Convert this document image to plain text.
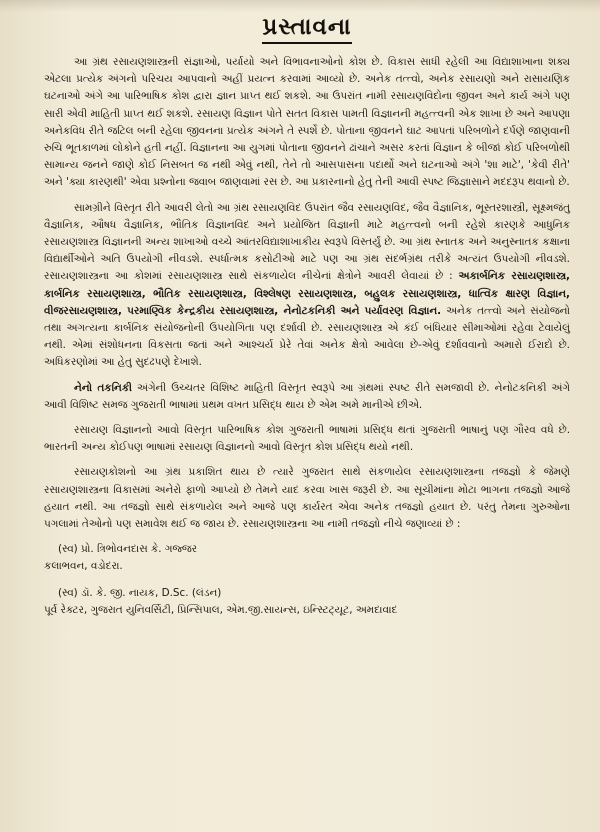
પ્રસ્તાવના

આ ગ્રંથ રસાયણશાસ્ત્રની સંજ્ઞાઓ, પર્યાયો અને વિભાવનાઓનો કોશ છે. વિકાસ સાધી રહેલી આ વિદ્યાશાખાના શક્ય એટલા પ્રત્યેક અંગનો પરિચય આપવાનો અહીં પ્રયત્ન કરવામાં આવ્યો છે. અનેક તત્ત્વો, અનેક રસાયણો અને રાસાયણિક ઘટનાઓ અંગે આ પારિભાષિક કોશ દ્વારા જ્ઞાન પ્રાપ્ત થઈ શકશે. આ ઉપરાંત નામી રસાયણવિદોના જીવન અને કાર્ય અંગે પણ સારી એવી માહિતી પ્રાપ્ત થઈ શકશે. રસાયણ વિજ્ઞાન પોતે સતત વિકાસ પામતી વિજ્ઞાનની મહત્ત્વની એક શાખા છે અને આપણા અનેકવિધ રીતે જટિલ બની રહેલા જીવનના પ્રત્યેક અંગને તે સ્પર્શે છે. પોતાના જીવનને ઘાટ આપતાં પરિબળોને દર્પણે જાણવાની રુચિ ભૂતકાળમાં લોકોને હતી નહીં. વિજ્ઞાનના આ યુગમાં પોતાના જીવનને ઢાંચાને અસર કરતાં વિજ્ઞાન કે બીજાં કોઈ પરિબળોથી સામાન્ય જનને જાણે કોઈ નિસબત જ નથી એવું નથી, તેને તો આસપાસના પદાર્થો અને ઘટનાઓ અંગે 'શા માટે', 'કેવી રીતે' અને 'ક્યા કારણથી' એવા પ્રશ્નોના જવાબ જાણવામાં રસ છે. આ પ્રકારનાનો હેતુ તેની આવી સ્પષ્ટ જિજ્ઞાસાને મદદરૂપ થવાનો છે.

સામગ્રીને વિસ્તૃત રીતે આવરી લેતો આ ગ્રંથ રસાયણવિદ ઉપરાંત જૈવ રસાયણવિદ, જૈવ વૈજ્ઞાનિક, ભૂસ્તરશાસ્ત્રી, સૂક્ષ્મજંતુ વૈજ્ઞાનિક, ઔષધ વૈજ્ઞાનિક, ભૌતિક વિજ્ઞાનવિદ અને પ્રયોજિત વિજ્ઞાની માટે મહત્ત્વનો બની રહેશે કારણકે આધુનિક રસાયણશાસ્ત્ર વિજ્ઞાનની અન્ય શાખાઓ વચ્ચે આંતરવિદ્યાશાખાકીય સ્વરૂપે વિસ્તર્યું છે. આ ગ્રંથ સ્નાતક અને અનુસ્નાતક કક્ષાના વિદ્યાર્થીઓને અતિ ઉપયોગી નીવડશે. સ્પર્ધાત્મક કસોટીઓ માટે પણ આ ગ્રંથ સંદર્ભગ્રંથ તરીકે અત્યંત ઉપયોગી નીવડશે. રસાયણશાસ્ત્રના આ કોશમાં રસાયણશાસ્ત્ર સાથે સંકળાયેલ નીચેનાં ક્ષેત્રોને આવરી લેવાયાં છે : અકાર્બનિક રસાયણશાસ્ત્ર, કાર્બનિક રસાયણશાસ્ત્ર, ભૌતિક રસાયણશાસ્ત્ર, વિશ્લેષણ રસાયણશાસ્ત્ર, બહુલક રસાયણશાસ્ત્ર, ધાત્વિક ક્ષારણ વિજ્ઞાન, વીજરસાયણશાસ્ત્ર, પરમાણ્વિક કેન્દ્રકીય રસાયણશાસ્ત્ર, નેનોટકનિકી અને પર્યાવરણ વિજ્ઞાન. અનેક તત્ત્વો અને સંયોજનો તથા અગત્યના કાર્બનિક સંયોજનોની ઉપયોગિતા પણ દર્શાવી છે. રસાયણશાસ્ત્ર એ કંઈ બંધિયાર સીમાઓમાં રહેવા ટેવાયેલું નથી. એમાં સંશોધનના વિકસતા જતાં અને આશ્ચર્ય પ્રેરે તેવાં અનેક ક્ષેત્રો આવેલા છે-એવું દર્શાવવાનો અમારો ઈરાદો છે. અધિકરણોમાં આ હેતુ સુદઢપણે દેખાશે.

નેનો તકનિકી અંગેની ઉચ્ચતર વિશિષ્ટ માહિતી વિસ્તૃત સ્વરૂપે આ ગ્રંથમાં સ્પષ્ટ રીતે સમજાવી છે. નેનોટકનિકી અંગે આવી વિશિષ્ટ સમજ ગુજરાતી ભાષામાં પ્રથમ વખત પ્રસિદ્ધ થાય છે એમ અમે માનીએ છીએ.

રસાયણ વિજ્ઞાનનો આવો વિસ્તૃત પારિભાષિક કોશ ગુજરાતી ભાષામાં પ્રસિદ્ધ થતાં ગુજરાતી ભાષાનું પણ ગૌરવ વધે છે. ભારતની અન્ય કોઈપણ ભાષામાં રસાયણ વિજ્ઞાનનો આવો વિસ્તૃત કોશ પ્રસિદ્ધ થયો નથી.

રસાયણકોશનો આ ગ્રંથ પ્રકાશિત થાય છે ત્યારે ગુજરાત સાથે સંકળાયેલ રસાયણશાસ્ત્રના તજજ્ઞો કે જેમણે રસાયણશાસ્ત્રના વિકાસમાં અનેરો ફાળો આપ્યો છે તેમને યાદ કરવા ખાસ જરૂરી છે. આ સૂચીમાંના મોટા ભાગના તજજ્ઞો આજે હયાત નથી. આ તજજ્ઞો સાથે સંકળાયેલ અને આજે પણ કાર્યરત એવા અનેક તજજ્ઞો હયાત છે. પરંતુ તેમના ગુરુઓના પગલામાં તેઓનો પણ સમાવેશ થઈ જ જાય છે. રસાયણશાસ્ત્રના આ નામી તજજ્ઞો નીચે જણાવ્યાં છે :

(સ્વ) પ્રો. ત્રિભોવનદાસ કે. ગજ્જર
કલાભવન, વડોદરા.
(સ્વ) ડૉ. કે. જી. નાયક, D.Sc. (લંડન)
પૂર્વ રેક્ટર, ગુજરાત યુનિવર્સિટી, પ્રિન્સિપાલ, એમ.જી.સાયન્સ, ઇન્સ્ટિટ્યૂટ, અમદાવાદ
